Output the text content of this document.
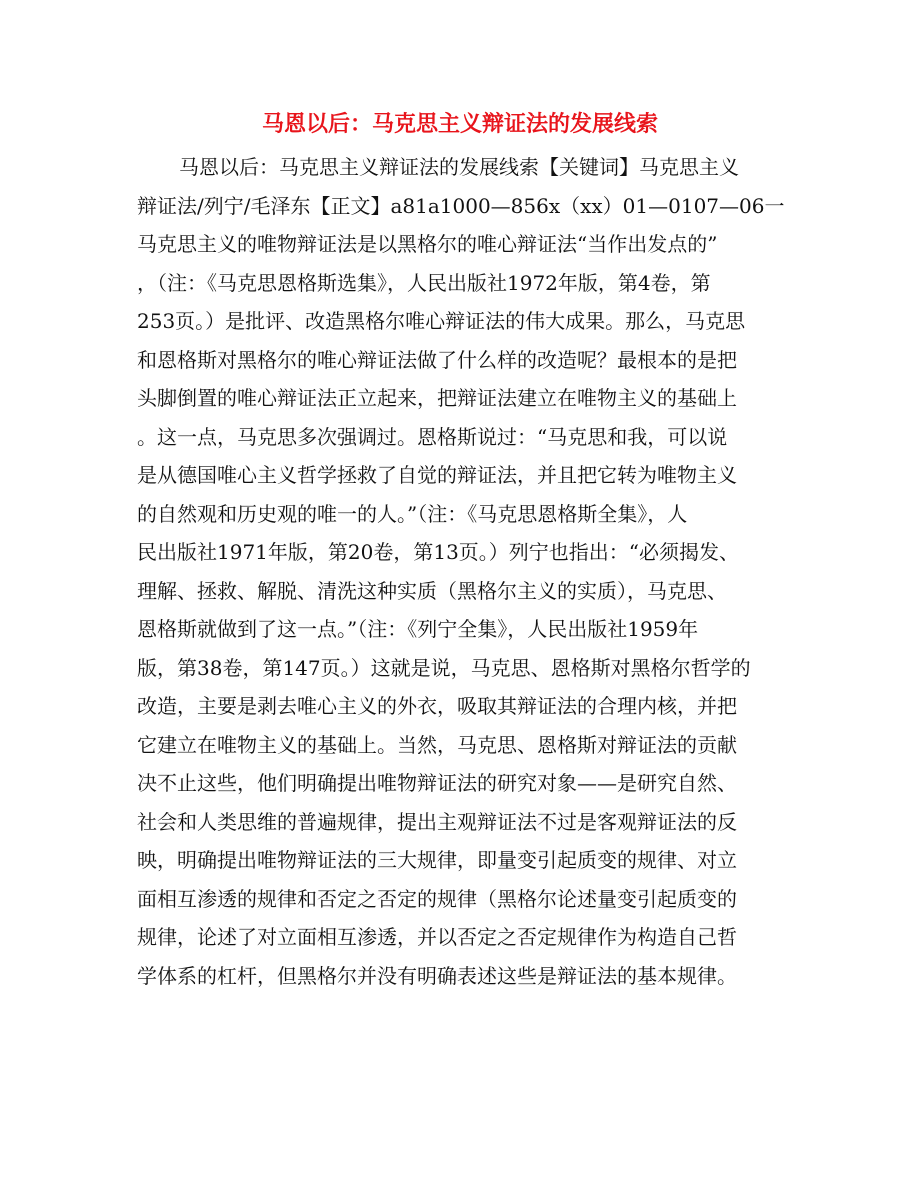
马恩以后：马克思主义辩证法的发展线索
马恩以后：马克思主义辩证法的发展线索【关键词】马克思主义
辩证法/列宁/毛泽东【正文】a81a1000—856x（xx）01—0107—06一
马克思主义的唯物辩证法是以黑格尔的唯心辩证法“当作出发点的”
，（注：《马克思恩格斯选集》，人民出版社1972年版，第4卷，第
253页。）是批评、改造黑格尔唯心辩证法的伟大成果。那么，马克思
和恩格斯对黑格尔的唯心辩证法做了什么样的改造呢？最根本的是把
头脚倒置的唯心辩证法正立起来，把辩证法建立在唯物主义的基础上
。这一点，马克思多次强调过。恩格斯说过：“马克思和我，可以说
是从德国唯心主义哲学拯救了自觉的辩证法，并且把它转为唯物主义
的自然观和历史观的唯一的人。”（注：《马克思恩格斯全集》，人
民出版社1971年版，第20卷，第13页。）列宁也指出：“必须揭发、
理解、拯救、解脱、清洗这种实质（黑格尔主义的实质），马克思、
恩格斯就做到了这一点。”（注：《列宁全集》，人民出版社1959年
版，第38卷，第147页。）这就是说，马克思、恩格斯对黑格尔哲学的
改造，主要是剥去唯心主义的外衣，吸取其辩证法的合理内核，并把
它建立在唯物主义的基础上。当然，马克思、恩格斯对辩证法的贡献
决不止这些，他们明确提出唯物辩证法的研究对象——是研究自然、
社会和人类思维的普遍规律，提出主观辩证法不过是客观辩证法的反
映，明确提出唯物辩证法的三大规律，即量变引起质变的规律、对立
面相互渗透的规律和否定之否定的规律（黑格尔论述量变引起质变的
规律，论述了对立面相互渗透，并以否定之否定规律作为构造自己哲
学体系的杠杆，但黑格尔并没有明确表述这些是辩证法的基本规律。
